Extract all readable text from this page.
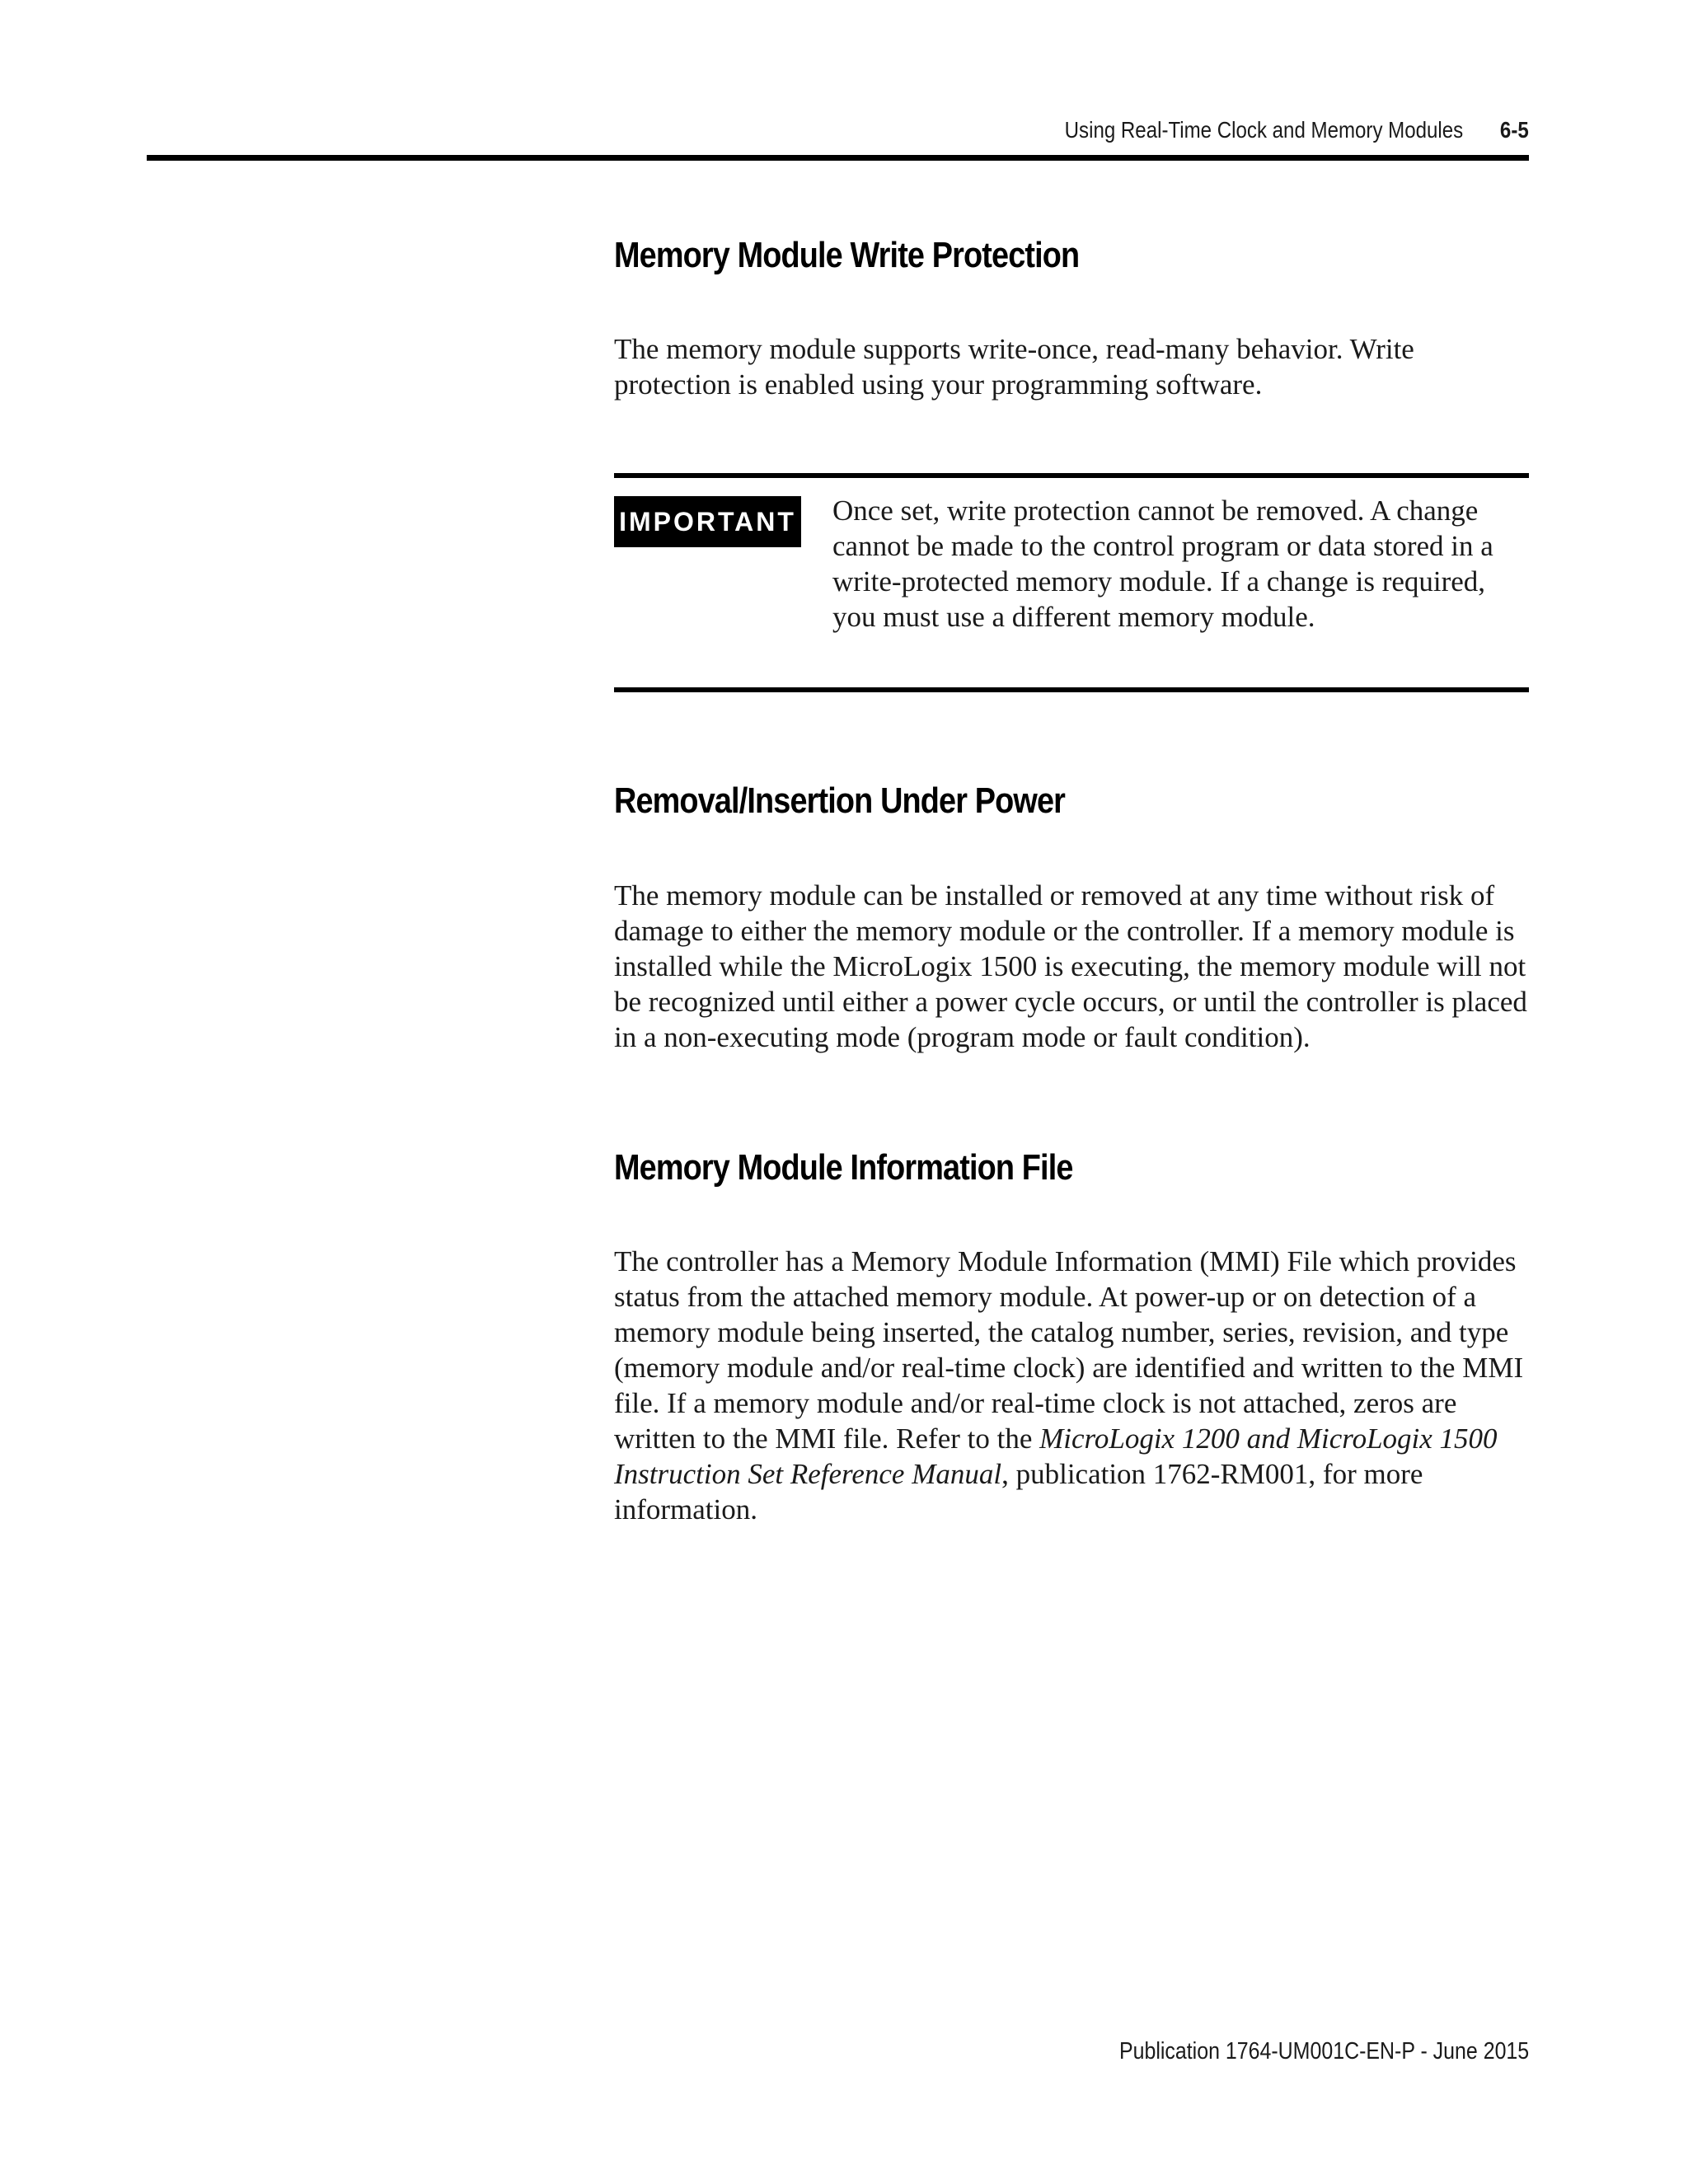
Using Real-Time Clock and Memory Modules 6-5
Memory Module Write Protection

The memory module supports write-once, read-many behavior. Write protection is enabled using your programming software.

IMPORTANT Once set, write protection cannot be removed. A change cannot be made to the control program or data stored in a write-protected memory module. If a change is required, you must use a different memory module.

Removal/Insertion Under Power

The memory module can be installed or removed at any time without risk of damage to either the memory module or the controller. If a memory module is installed while the MicroLogix 1500 is executing, the memory module will not be recognized until either a power cycle occurs, or until the controller is placed in a non-executing mode (program mode or fault condition).

Memory Module Information File

The controller has a Memory Module Information (MMI) File which provides status from the attached memory module. At power-up or on detection of a memory module being inserted, the catalog number, series, revision, and type (memory module and/or real-time clock) are identified and written to the MMI file. If a memory module and/or real-time clock is not attached, zeros are written to the MMI file. Refer to the MicroLogix 1200 and MicroLogix 1500 Instruction Set Reference Manual, publication 1762-RM001, for more information.

Publication 1764-UM001C-EN-P - June 2015
